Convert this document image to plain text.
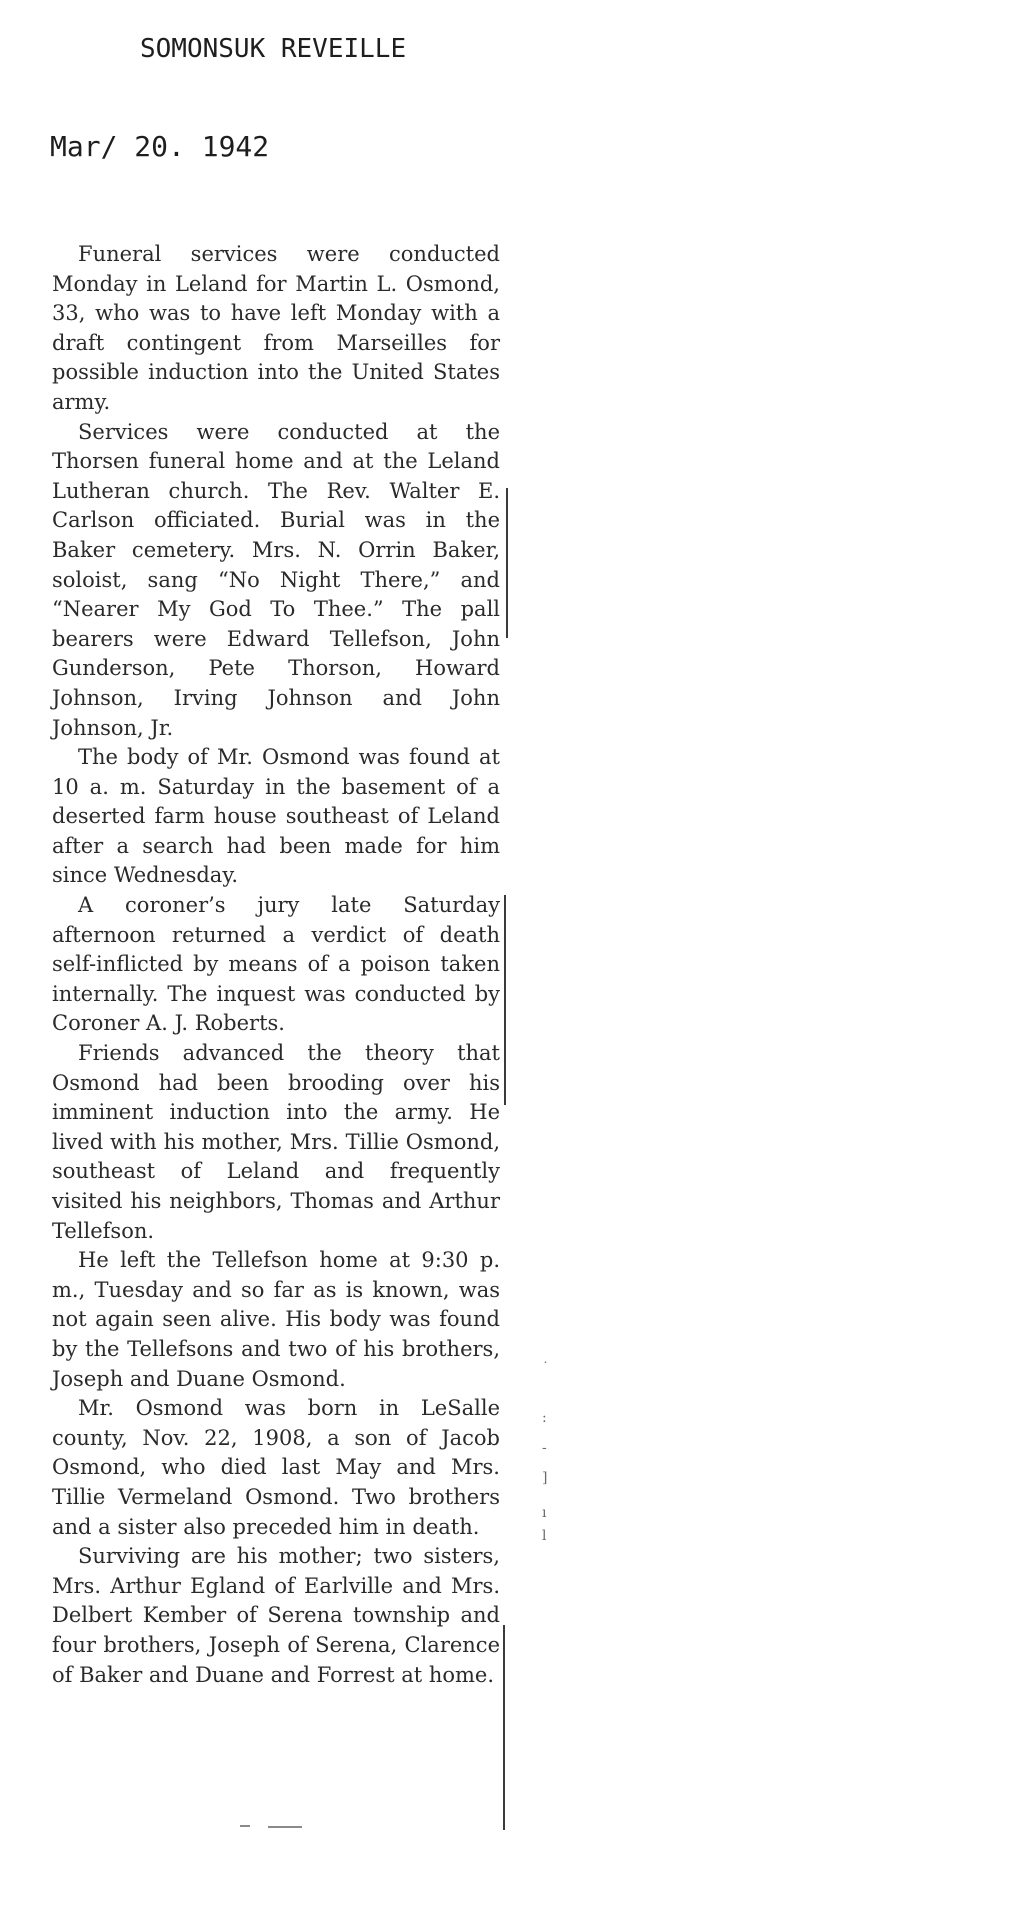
SOMONSUK REVEILLE
Mar/ 20. 1942

Funeral services were conducted Monday in Leland for Martin L. Osmond, 33, who was to have left Monday with a draft contingent from Marseilles for possible induction into the United States army.

Services were conducted at the Thorsen funeral home and at the Leland Lutheran church. The Rev. Walter E. Carlson officiated. Burial was in the Baker cemetery. Mrs. N. Orrin Baker, soloist, sang “No Night There,” and “Nearer My God To Thee.” The pall bearers were Edward Tellefson, John Gunderson, Pete Thorson, Howard Johnson, Irving Johnson and John Johnson, Jr.

The body of Mr. Osmond was found at 10 a. m. Saturday in the basement of a deserted farm house southeast of Leland after a search had been made for him since Wednesday.

A coroner’s jury late Saturday afternoon returned a verdict of death self-inflicted by means of a poison taken internally. The inquest was conducted by Coroner A. J. Roberts.

Friends advanced the theory that Osmond had been brooding over his imminent induction into the army. He lived with his mother, Mrs. Tillie Osmond, southeast of Leland and frequently visited his neighbors, Thomas and Arthur Tellefson.

He left the Tellefson home at 9:30 p. m., Tuesday and so far as is known, was not again seen alive. His body was found by the Tellefsons and two of his brothers, Joseph and Duane Osmond.

Mr. Osmond was born in LeSalle county, Nov. 22, 1908, a son of Jacob Osmond, who died last May and Mrs. Tillie Vermeland Osmond. Two brothers and a sister also preceded him in death.

Surviving are his mother; two sisters, Mrs. Arthur Egland of Earlville and Mrs. Delbert Kember of Serena township and four brothers, Joseph of Serena, Clarence of Baker and Duane and Forrest at home.

˙
:
-
]
ı
l
